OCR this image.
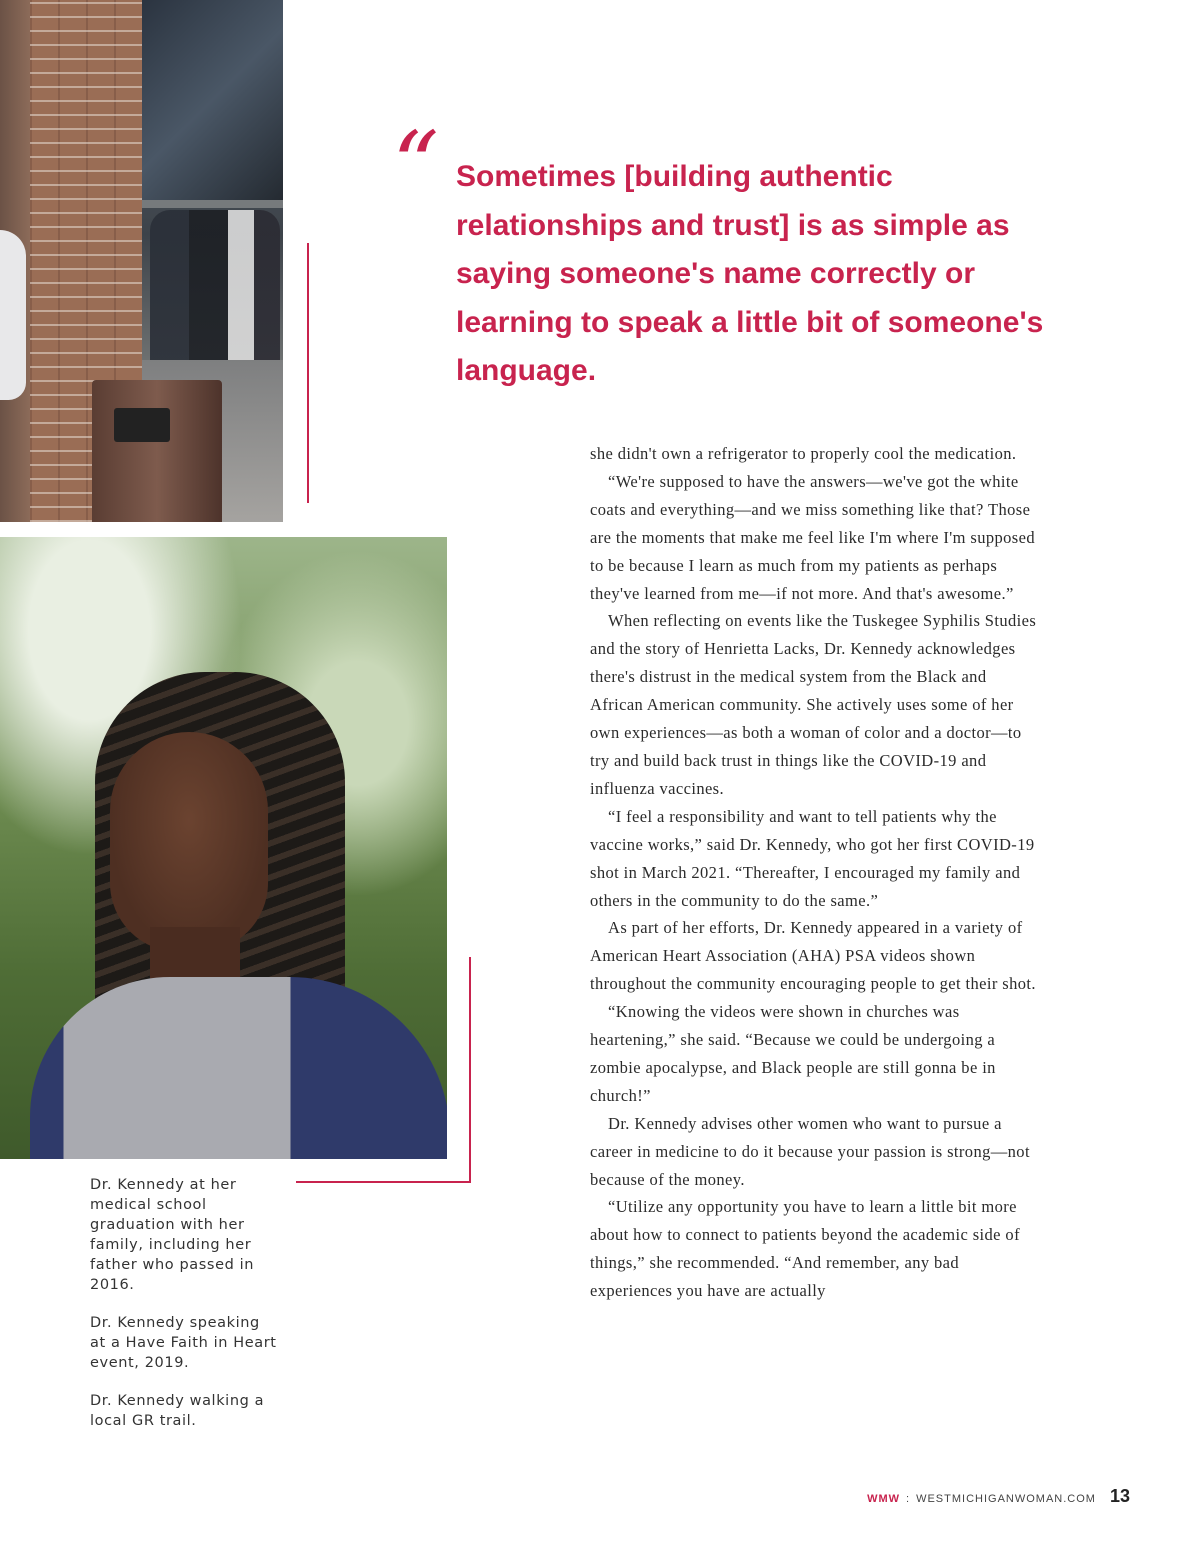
“ Sometimes [building authentic relationships and trust] is as simple as saying someone's name correctly or learning to speak a little bit of someone's language.

she didn't own a refrigerator to properly cool the medication.

“We're supposed to have the answers—we've got the white coats and everything—and we miss something like that? Those are the moments that make me feel like I'm where I'm supposed to be because I learn as much from my patients as perhaps they've learned from me—if not more. And that's awesome.”

When reflecting on events like the Tuskegee Syphilis Studies and the story of Henrietta Lacks, Dr. Kennedy acknowledges there's distrust in the medical system from the Black and African American community. She actively uses some of her own experiences—as both a woman of color and a doctor—to try and build back trust in things like the COVID-19 and influenza vaccines.

“I feel a responsibility and want to tell patients why the vaccine works,” said Dr. Kennedy, who got her first COVID-19 shot in March 2021. “Thereafter, I encouraged my family and others in the community to do the same.”

As part of her efforts, Dr. Kennedy appeared in a variety of American Heart Association (AHA) PSA videos shown throughout the community encouraging people to get their shot.

“Knowing the videos were shown in churches was heartening,” she said. “Because we could be undergoing a zombie apocalypse, and Black people are still gonna be in church!”

Dr. Kennedy advises other women who want to pursue a career in medicine to do it because your passion is strong—not because of the money.

“Utilize any opportunity you have to learn a little bit more about how to connect to patients beyond the academic side of things,” she recommended. “And remember, any bad experiences you have are actually

Dr. Kennedy at her medical school graduation with her family, including her father who passed in 2016.

Dr. Kennedy speaking at a Have Faith in Heart event, 2019.

Dr. Kennedy walking a local GR trail.

WMW : WESTMICHIGANWOMAN.COM 13
